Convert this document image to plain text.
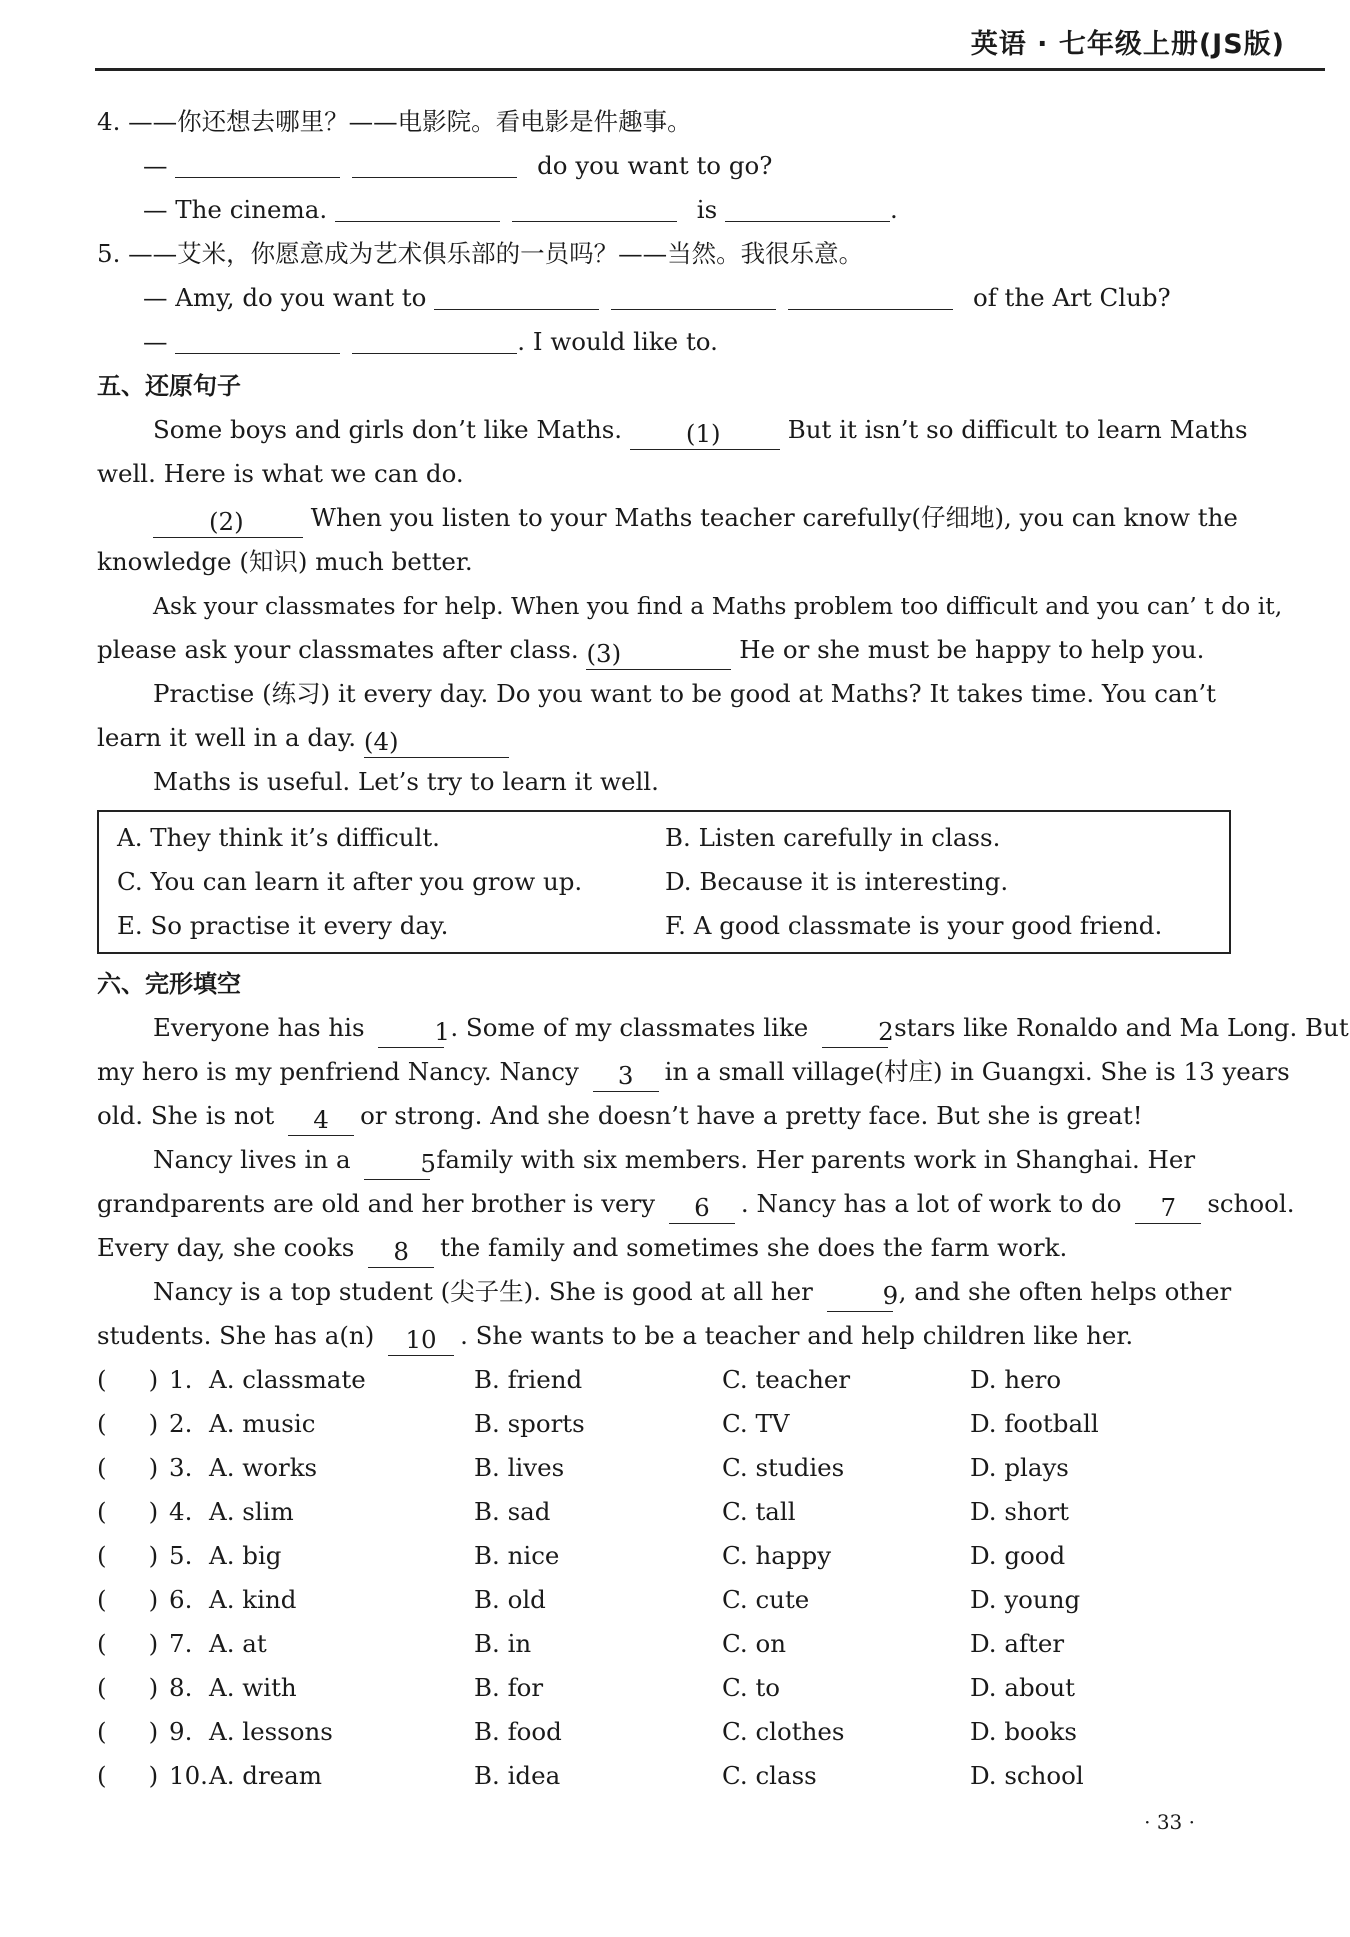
英语 · 七年级上册(JS版)
4. ——你还想去哪里？——电影院。看电影是件趣事。
—	do you want to go?
— The cinema.	is	.
5. ——艾米，你愿意成为艺术俱乐部的一员吗？——当然。我很乐意。
— Amy, do you want to	of the Art Club?
—	. I would like to.
五、还原句子
Some boys and girls don’t like Maths.	(1)	But it isn’t so difficult to learn Maths
well. Here is what we can do.
(2)	When you listen to your Maths teacher carefully(仔细地), you can know the
knowledge (知识) much better.
Ask your classmates for help. When you find a Maths problem too difficult and you can’ t do it,
please ask your classmates after class. (3)	He or she must be happy to help you.
Practise (练习) it every day. Do you want to be good at Maths? It takes time. You can’t
learn it well in a day. (4)
Maths is useful. Let’s try to learn it well.
A. They think it’s difficult.	B. Listen carefully in class.
C. You can learn it after you grow up.	D. Because it is interesting.
E. So practise it every day.	F. A good classmate is your good friend.
六、完形填空
Everyone has his	1. Some of my classmates like	2stars like Ronaldo and Ma Long. But
my hero is my penfriend Nancy. Nancy 3 in a small village(村庄) in Guangxi. She is 13 years
old. She is not 4 or strong. And she doesn’t have a pretty face. But she is great!
Nancy lives in a	5family with six members. Her parents work in Shanghai. Her
grandparents are old and her brother is very 6 . Nancy has a lot of work to do 7 school.
Every day, she cooks 8 the family and sometimes she does the farm work.
Nancy is a top student (尖子生). She is good at all her	9, and she often helps other
students. She has a(n) 10 . She wants to be a teacher and help children like her.
( ) 1. A. classmate	B. friend	C. teacher	D. hero
( ) 2. A. music	B. sports	C. TV	D. football
( ) 3. A. works	B. lives	C. studies	D. plays
( ) 4. A. slim	B. sad	C. tall	D. short
( ) 5. A. big	B. nice	C. happy	D. good
( ) 6. A. kind	B. old	C. cute	D. young
( ) 7. A. at	B. in	C. on	D. after
( ) 8. A. with	B. for	C. to	D. about
( ) 9. A. lessons	B. food	C. clothes	D. books
( ) 10. A. dream	B. idea	C. class	D. school
· 33 ·
